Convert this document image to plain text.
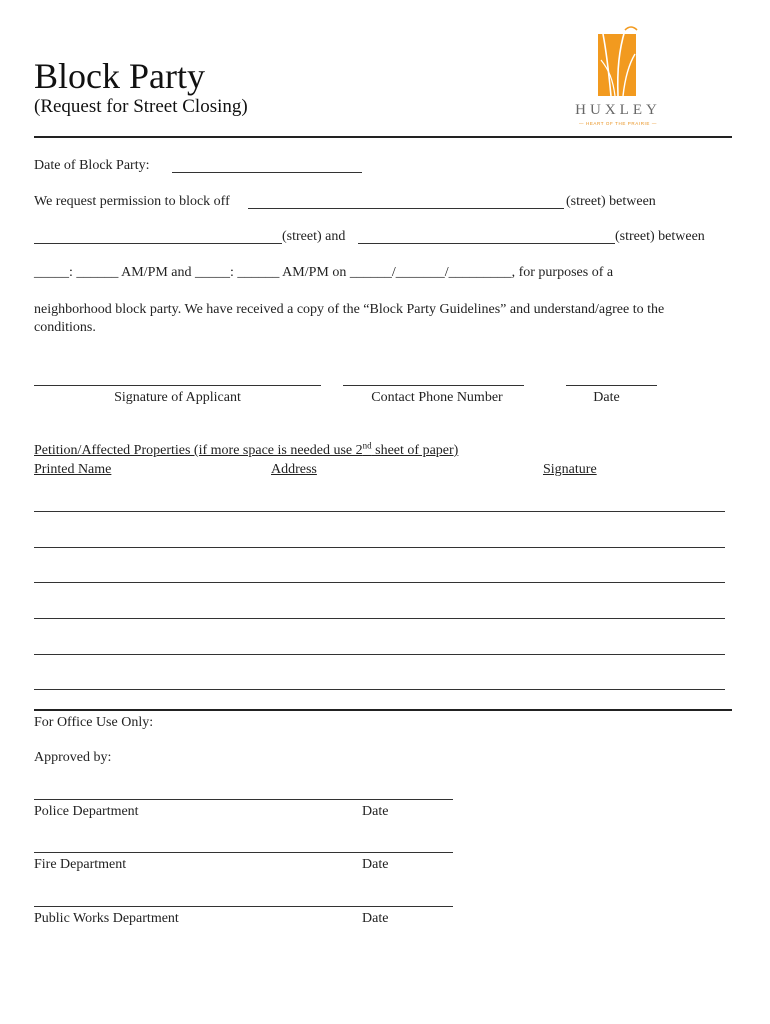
Block Party
(Request for Street Closing)	HUXLEY
— HEART OF THE PRAIRIE —
Date of Block Party:
We request permission to block off	(street) between
(street) and	(street) between
_____: ______ AM/PM and _____: ______ AM/PM on ______/_______/_________, for purposes of a
neighborhood block party. We have received a copy of the “Block Party Guidelines” and understand/agree to the conditions.
Signature of Applicant	Contact Phone Number	Date
Petition/Affected Properties (if more space is needed use 2nd sheet of paper)
Printed Name	Address	Signature
For Office Use Only:
Approved by:
Police Department	Date
Fire Department	Date
Public Works Department	Date
